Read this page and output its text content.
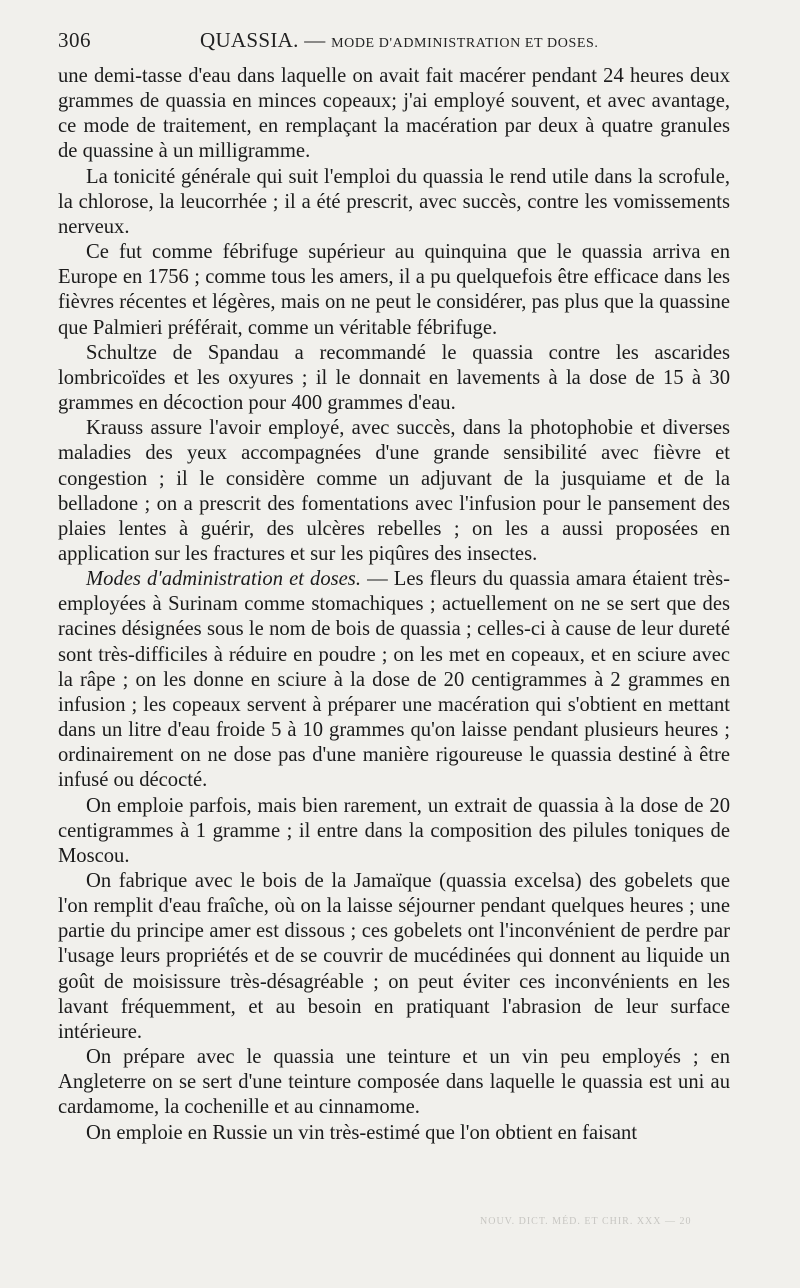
306	QUASSIA. — MODE D'ADMINISTRATION ET DOSES.

une demi-tasse d'eau dans laquelle on avait fait macérer pendant 24 heures deux grammes de quassia en minces copeaux; j'ai employé souvent, et avec avantage, ce mode de traitement, en remplaçant la macération par deux à quatre granules de quassine à un milligramme.

La tonicité générale qui suit l'emploi du quassia le rend utile dans la scrofule, la chlorose, la leucorrhée ; il a été prescrit, avec succès, contre les vomissements nerveux.

Ce fut comme fébrifuge supérieur au quinquina que le quassia arriva en Europe en 1756 ; comme tous les amers, il a pu quelquefois être efficace dans les fièvres récentes et légères, mais on ne peut le considérer, pas plus que la quassine que Palmieri préférait, comme un véritable fébrifuge.

Schultze de Spandau a recommandé le quassia contre les ascarides lombricoïdes et les oxyures ; il le donnait en lavements à la dose de 15 à 30 grammes en décoction pour 400 grammes d'eau.

Krauss assure l'avoir employé, avec succès, dans la photophobie et diverses maladies des yeux accompagnées d'une grande sensibilité avec fièvre et congestion ; il le considère comme un adjuvant de la jusquiame et de la belladone ; on a prescrit des fomentations avec l'infusion pour le pansement des plaies lentes à guérir, des ulcères rebelles ; on les a aussi proposées en application sur les fractures et sur les piqûres des insectes.

Modes d'administration et doses. — Les fleurs du quassia amara étaient très-employées à Surinam comme stomachiques ; actuellement on ne se sert que des racines désignées sous le nom de bois de quassia ; celles-ci à cause de leur dureté sont très-difficiles à réduire en poudre ; on les met en copeaux, et en sciure avec la râpe ; on les donne en sciure à la dose de 20 centigrammes à 2 grammes en infusion ; les copeaux servent à préparer une macération qui s'obtient en mettant dans un litre d'eau froide 5 à 10 grammes qu'on laisse pendant plusieurs heures ; ordinairement on ne dose pas d'une manière rigoureuse le quassia destiné à être infusé ou décocté.

On emploie parfois, mais bien rarement, un extrait de quassia à la dose de 20 centigrammes à 1 gramme ; il entre dans la composition des pilules toniques de Moscou.

On fabrique avec le bois de la Jamaïque (quassia excelsa) des gobelets que l'on remplit d'eau fraîche, où on la laisse séjourner pendant quelques heures ; une partie du principe amer est dissous ; ces gobelets ont l'inconvénient de perdre par l'usage leurs propriétés et de se couvrir de mucédinées qui donnent au liquide un goût de moisissure très-désagréable ; on peut éviter ces inconvénients en les lavant fréquemment, et au besoin en pratiquant l'abrasion de leur surface intérieure.

On prépare avec le quassia une teinture et un vin peu employés ; en Angleterre on se sert d'une teinture composée dans laquelle le quassia est uni au cardamome, la cochenille et au cinnamome.

On emploie en Russie un vin très-estimé que l'on obtient en faisant

NOUV. DICT. MÉD. ET CHIR. XXX — 20
